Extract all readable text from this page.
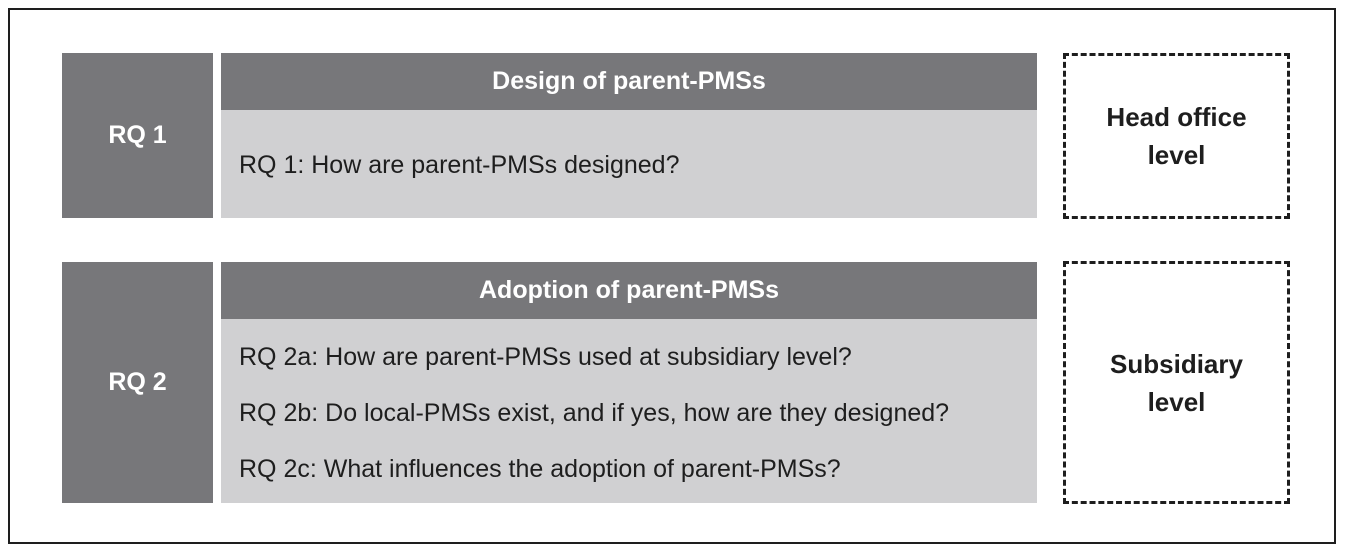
RQ 1
Design of parent-PMSs
RQ 1: How are parent-PMSs designed?
Head office
level
RQ 2
Adoption of parent-PMSs
RQ 2a: How are parent-PMSs used at subsidiary level?
RQ 2b: Do local-PMSs exist, and if yes, how are they designed?
RQ 2c: What influences the adoption of parent-PMSs?
Subsidiary
level
